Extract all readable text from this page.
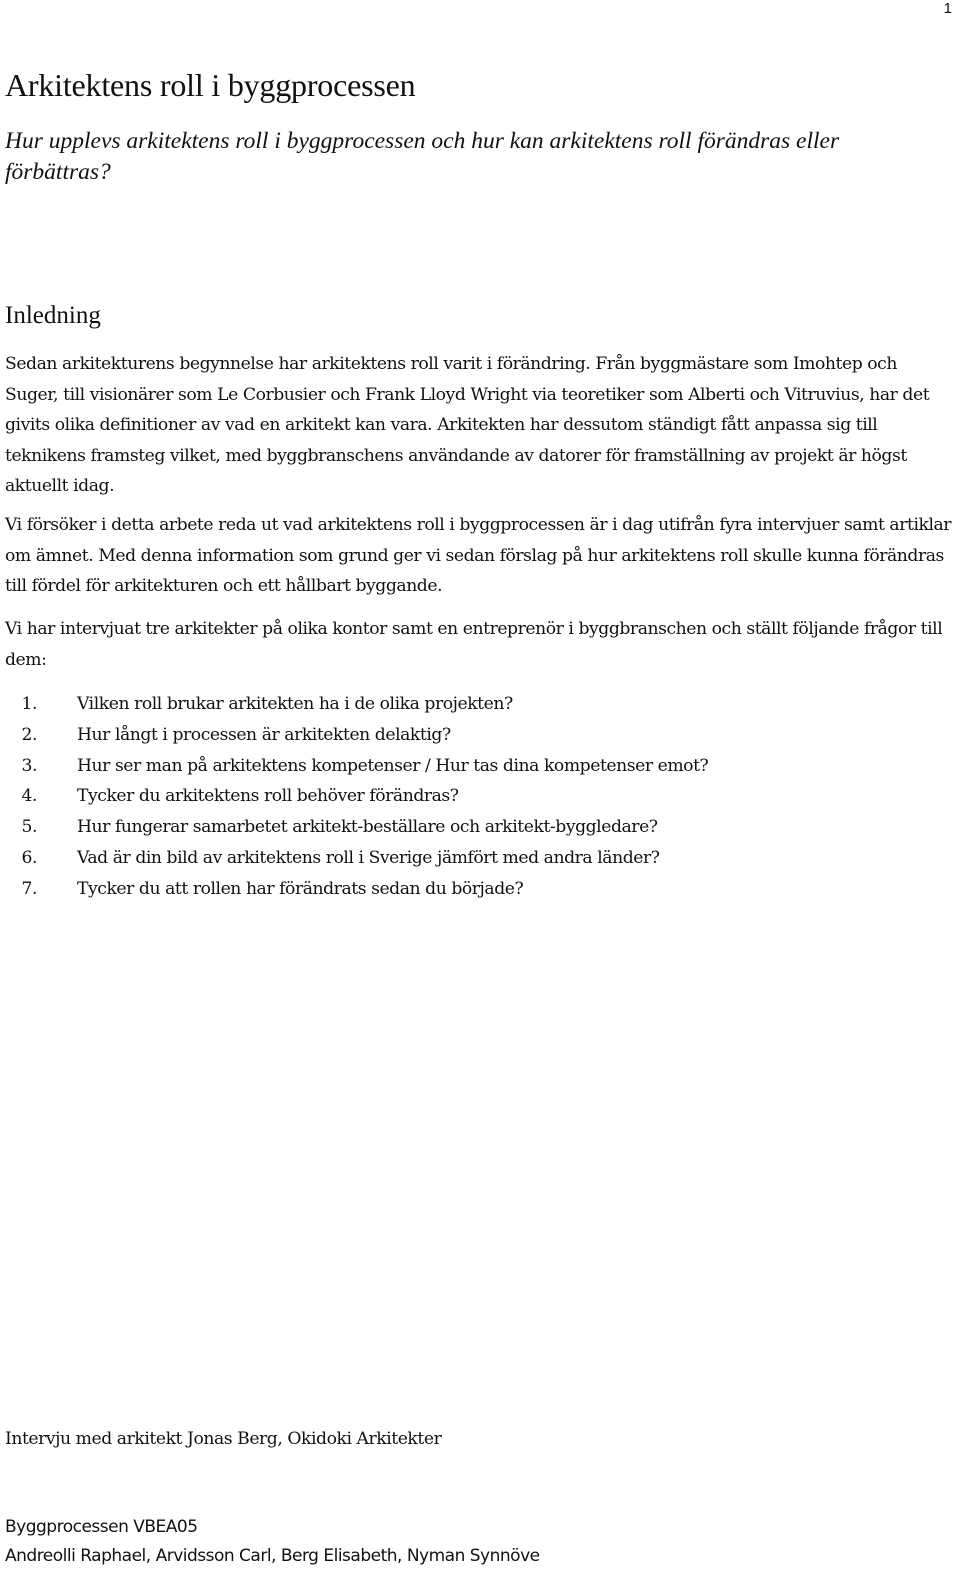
1
Arkitektens roll i byggprocessen

Hur upplevs arkitektens roll i byggprocessen och hur kan arkitektens roll förändras eller förbättras?

Inledning

Sedan arkitekturens begynnelse har arkitektens roll varit i förändring. Från byggmästare som Imohtep och Suger, till visionärer som Le Corbusier och Frank Lloyd Wright via teoretiker som Alberti och Vitruvius, har det givits olika definitioner av vad en arkitekt kan vara. Arkitekten har dessutom ständigt fått anpassa sig till teknikens framsteg vilket, med byggbranschens användande av datorer för framställning av projekt är högst aktuellt idag.

Vi försöker i detta arbete reda ut vad arkitektens roll i byggprocessen är i dag utifrån fyra intervjuer samt artiklar om ämnet. Med denna information som grund ger vi sedan förslag på hur arkitektens roll skulle kunna förändras till fördel för arkitekturen och ett hållbart byggande.

Vi har intervjuat tre arkitekter på olika kontor samt en entreprenör i byggbranschen och ställt följande frågor till dem:

1. Vilken roll brukar arkitekten ha i de olika projekten?
2. Hur långt i processen är arkitekten delaktig?
3. Hur ser man på arkitektens kompetenser / Hur tas dina kompetenser emot?
4. Tycker du arkitektens roll behöver förändras?
5. Hur fungerar samarbetet arkitekt-beställare och arkitekt-byggledare?
6. Vad är din bild av arkitektens roll i Sverige jämfört med andra länder?
7. Tycker du att rollen har förändrats sedan du började?
Intervju med arkitekt Jonas Berg, Okidoki Arkitekter
Byggprocessen VBEA05
Andreolli Raphael, Arvidsson Carl, Berg Elisabeth, Nyman Synnöve
